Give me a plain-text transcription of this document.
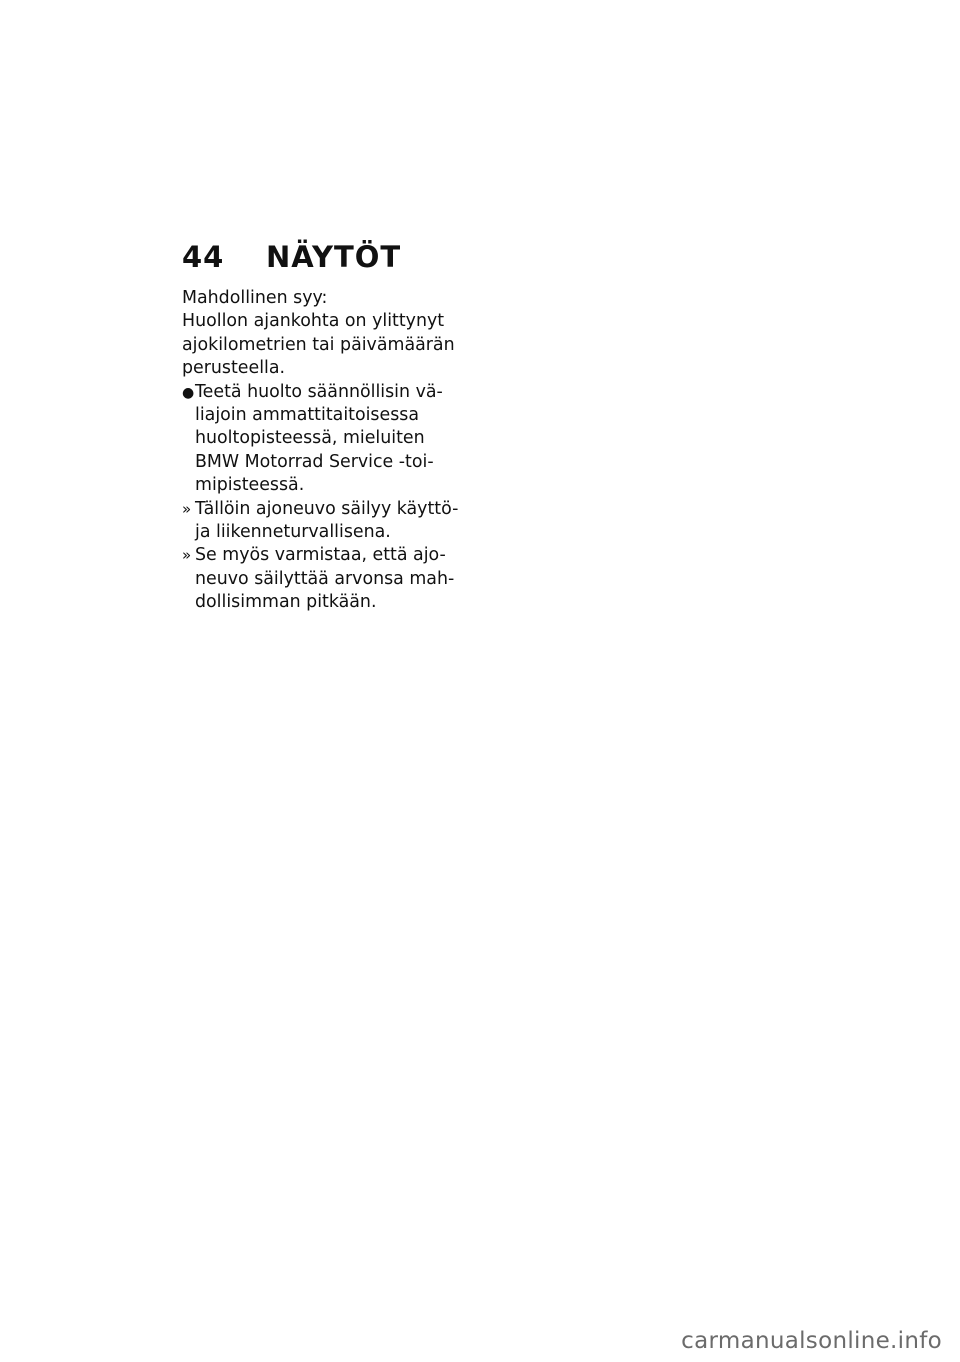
44	NÄYTÖT
Mahdollinen syy:
Huollon ajankohta on ylittynyt
ajokilometrien tai päivämäärän
perusteella.
● Teetä huolto säännöllisin vä-
liajoin ammattitaitoisessa
huoltopisteessä, mieluiten
BMW Motorrad Service -toi-
mipisteessä.
» Tällöin ajoneuvo säilyy käyttö-
ja liikenneturvallisena.
» Se myös varmistaa, että ajo-
neuvo säilyttää arvonsa mah-
dollisimman pitkään.
carmanualsonline.info
